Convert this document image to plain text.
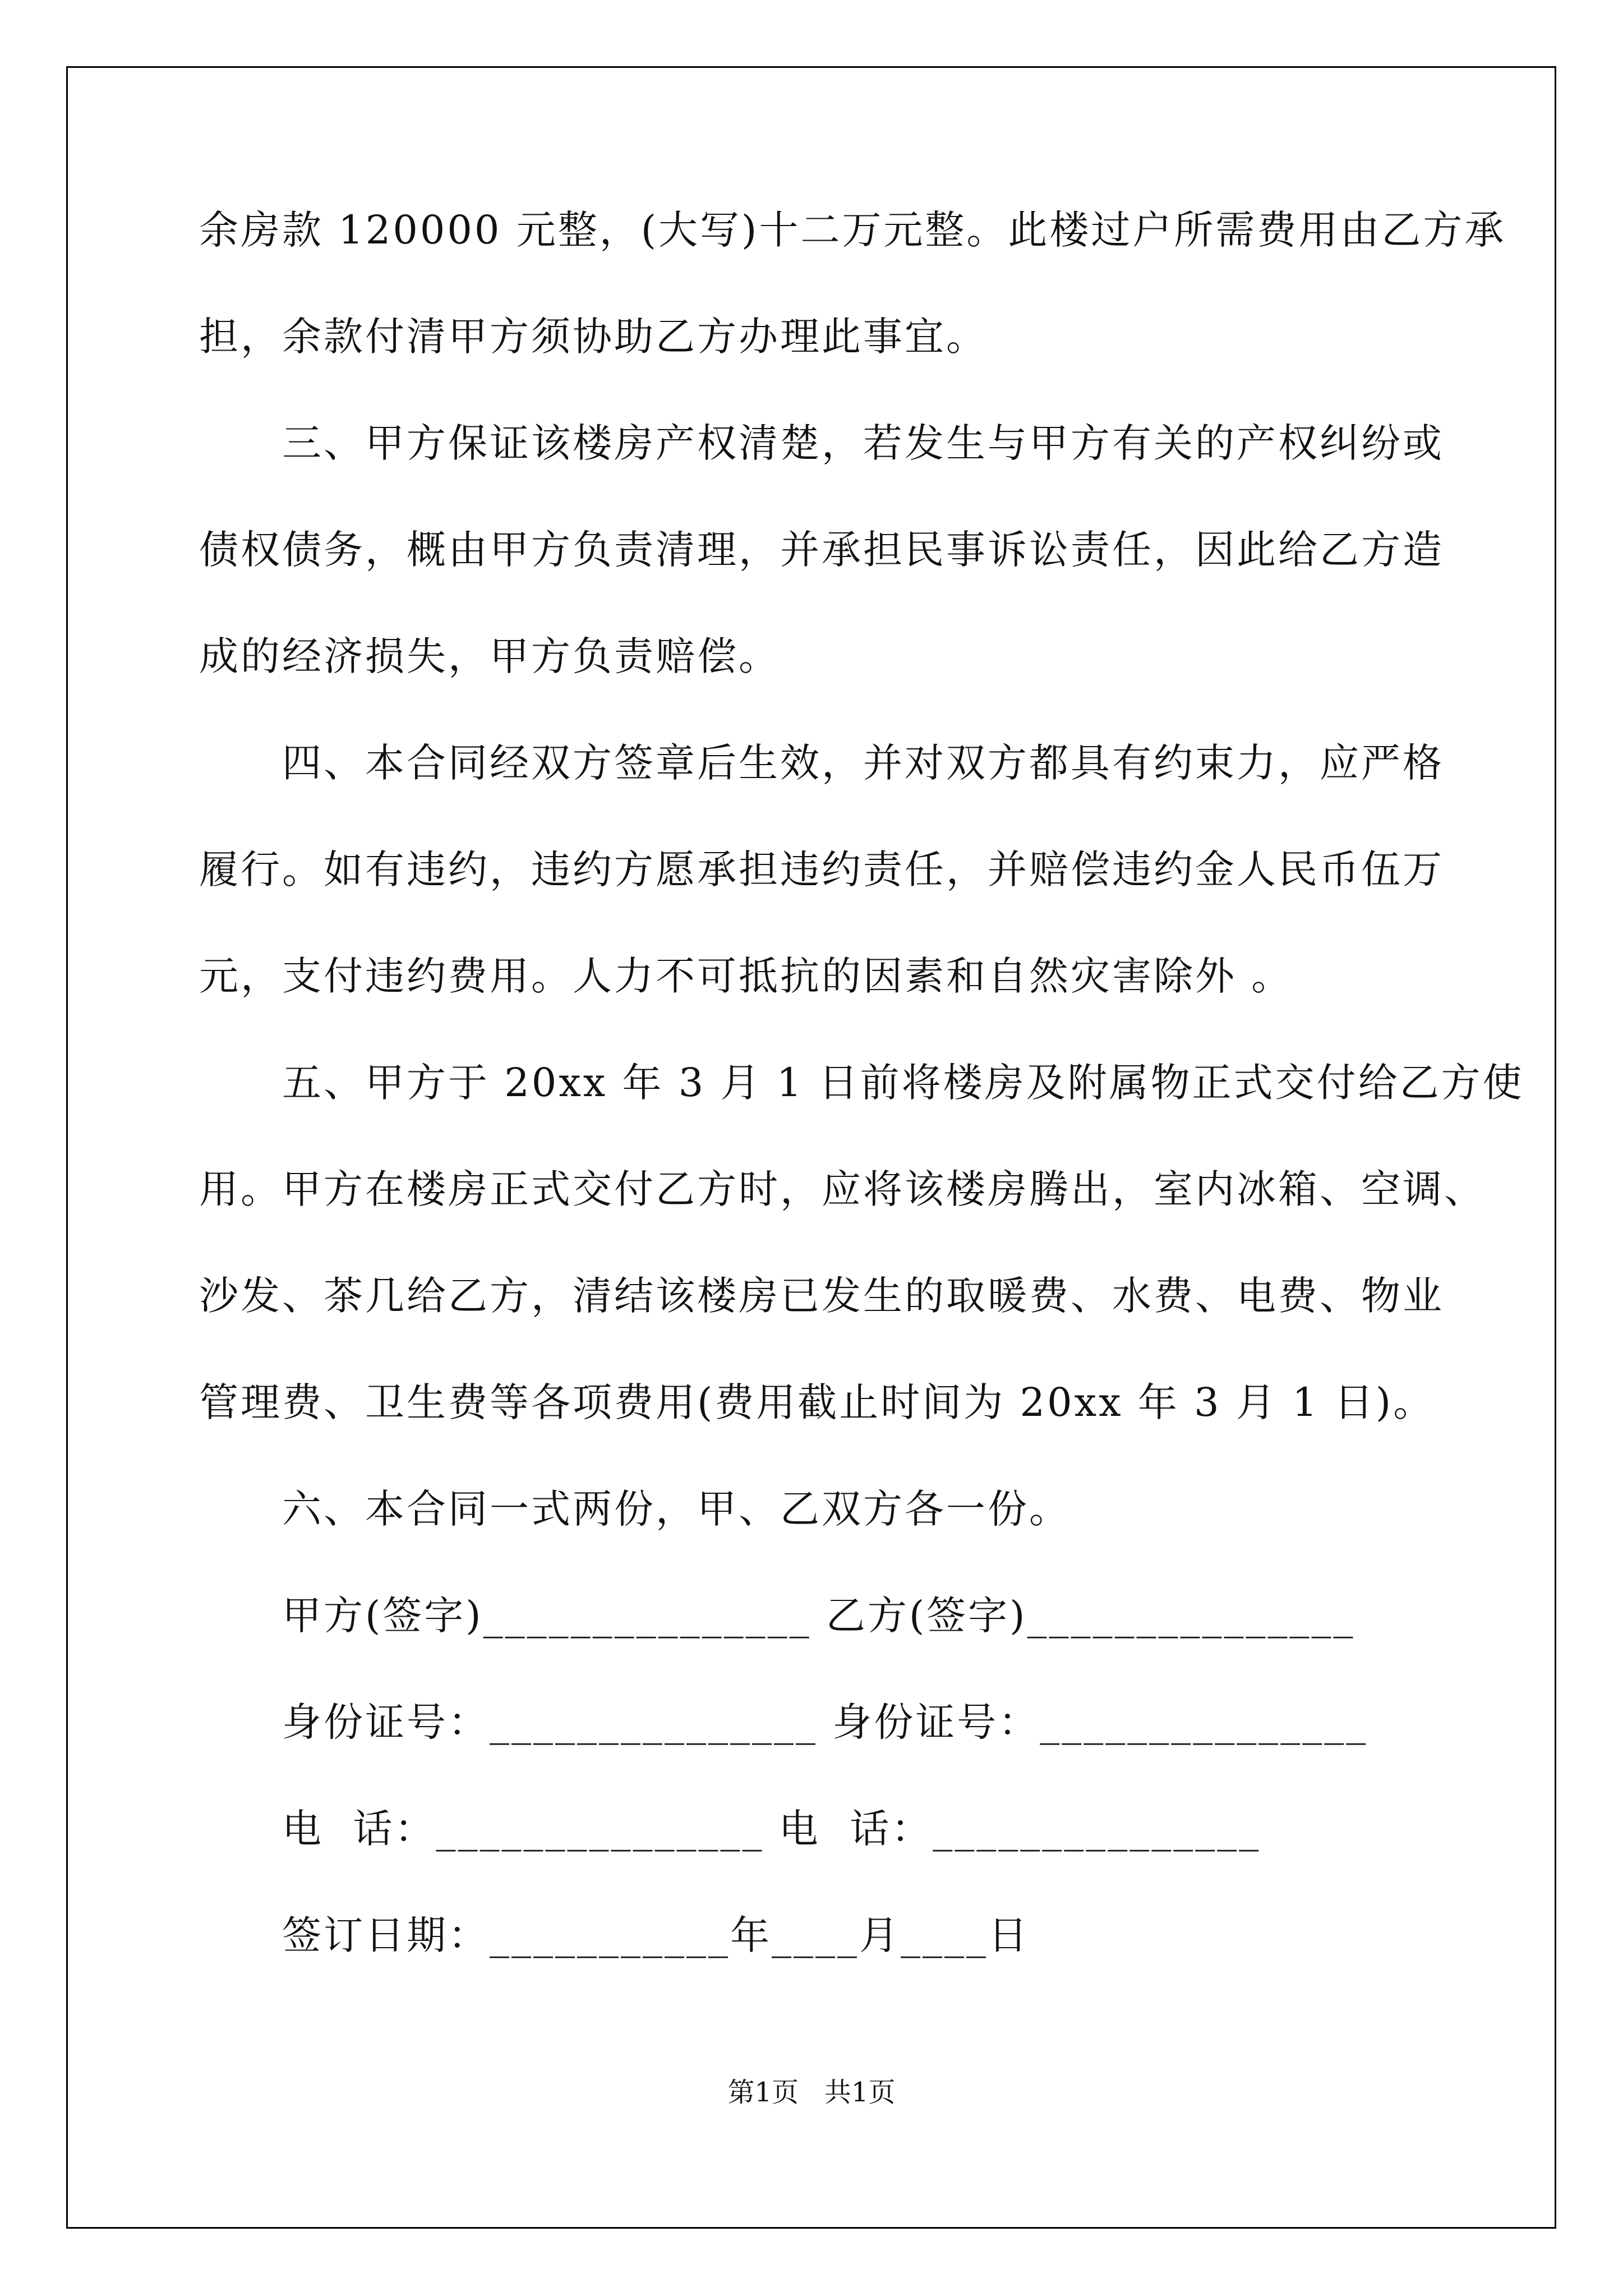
余房款 120000 元整，(大写)十二万元整。此楼过户所需费用由乙方承
担，余款付清甲方须协助乙方办理此事宜。
三、甲方保证该楼房产权清楚，若发生与甲方有关的产权纠纷或
债权债务，概由甲方负责清理，并承担民事诉讼责任，因此给乙方造
成的经济损失，甲方负责赔偿。
四、本合同经双方签章后生效，并对双方都具有约束力，应严格
履行。如有违约，违约方愿承担违约责任，并赔偿违约金人民币伍万
元，支付违约费用。人力不可抵抗的因素和自然灾害除外 。
五、甲方于 20xx 年 3 月 1 日前将楼房及附属物正式交付给乙方使
用。甲方在楼房正式交付乙方时，应将该楼房腾出，室内冰箱、空调、
沙发、茶几给乙方，清结该楼房已发生的取暖费、水费、电费、物业
管理费、卫生费等各项费用(费用截止时间为 20xx 年 3 月 1 日)。
六、本合同一式两份，甲、乙双方各一份。
甲方(签字)_______________ 乙方(签字)_______________
身份证号：_______________ 身份证号：_______________
电  话：_______________ 电  话：_______________
签订日期：___________年____月____日
第1页   共1页
